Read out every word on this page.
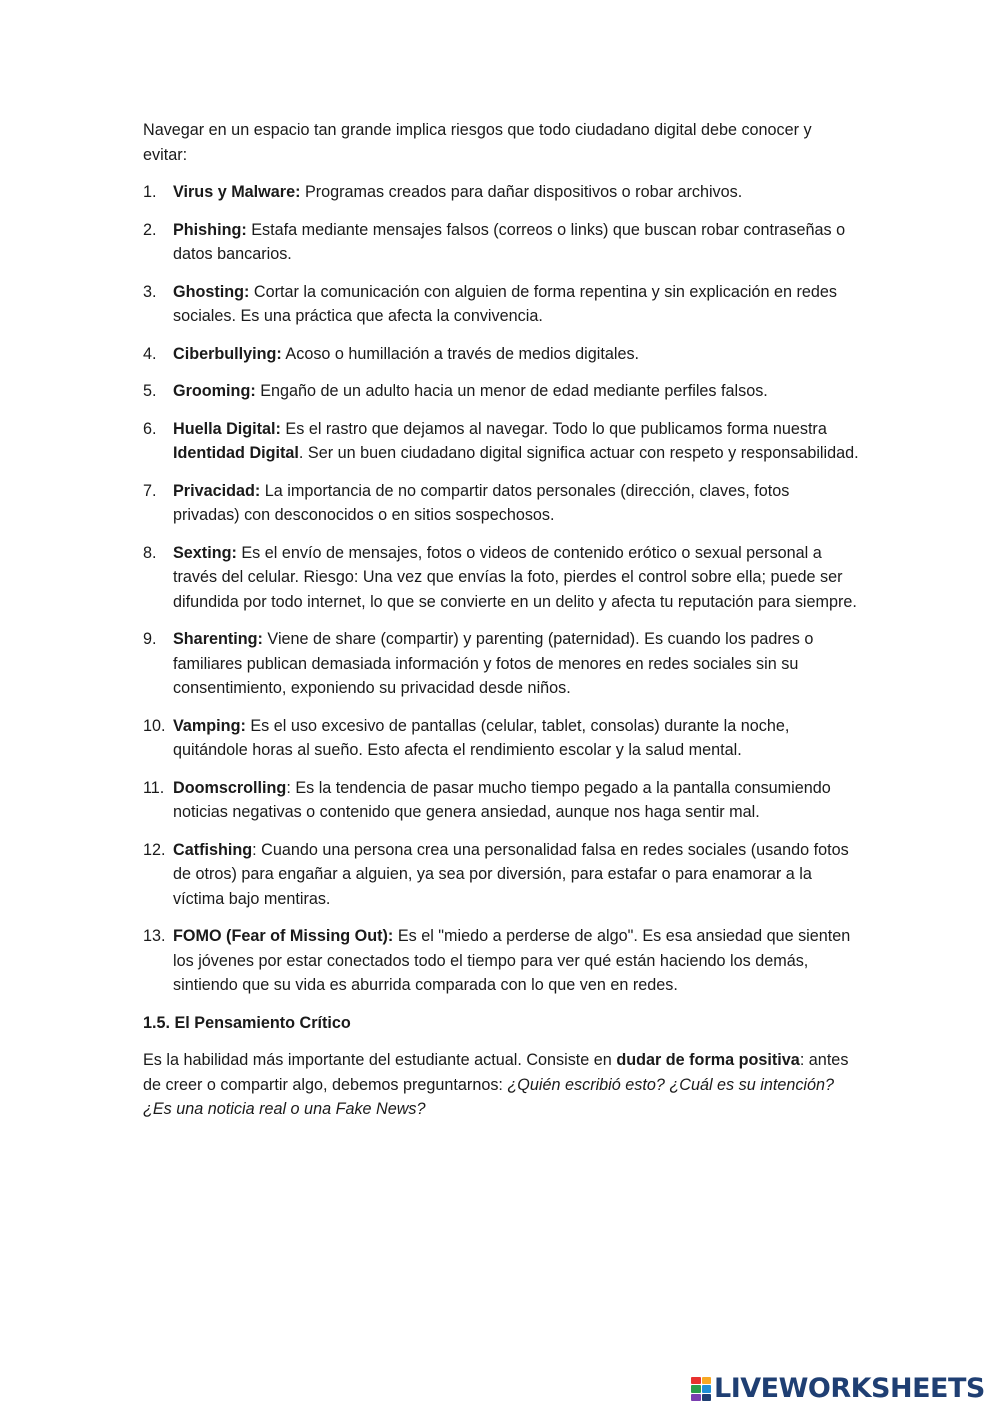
Navegar en un espacio tan grande implica riesgos que todo ciudadano digital debe conocer y evitar:

1. Virus y Malware: Programas creados para dañar dispositivos o robar archivos.
2. Phishing: Estafa mediante mensajes falsos (correos o links) que buscan robar contraseñas o datos bancarios.
3. Ghosting: Cortar la comunicación con alguien de forma repentina y sin explicación en redes sociales. Es una práctica que afecta la convivencia.
4. Ciberbullying: Acoso o humillación a través de medios digitales.
5. Grooming: Engaño de un adulto hacia un menor de edad mediante perfiles falsos.
6. Huella Digital: Es el rastro que dejamos al navegar. Todo lo que publicamos forma nuestra Identidad Digital. Ser un buen ciudadano digital significa actuar con respeto y responsabilidad.
7. Privacidad: La importancia de no compartir datos personales (dirección, claves, fotos privadas) con desconocidos o en sitios sospechosos.
8. Sexting: Es el envío de mensajes, fotos o videos de contenido erótico o sexual personal a través del celular. Riesgo: Una vez que envías la foto, pierdes el control sobre ella; puede ser difundida por todo internet, lo que se convierte en un delito y afecta tu reputación para siempre.
9. Sharenting: Viene de share (compartir) y parenting (paternidad). Es cuando los padres o familiares publican demasiada información y fotos de menores en redes sociales sin su consentimiento, exponiendo su privacidad desde niños.
10. Vamping: Es el uso excesivo de pantallas (celular, tablet, consolas) durante la noche, quitándole horas al sueño. Esto afecta el rendimiento escolar y la salud mental.
11. Doomscrolling: Es la tendencia de pasar mucho tiempo pegado a la pantalla consumiendo noticias negativas o contenido que genera ansiedad, aunque nos haga sentir mal.
12. Catfishing: Cuando una persona crea una personalidad falsa en redes sociales (usando fotos de otros) para engañar a alguien, ya sea por diversión, para estafar o para enamorar a la víctima bajo mentiras.
13. FOMO (Fear of Missing Out): Es el "miedo a perderse de algo". Es esa ansiedad que sienten los jóvenes por estar conectados todo el tiempo para ver qué están haciendo los demás, sintiendo que su vida es aburrida comparada con lo que ven en redes.
1.5. El Pensamiento Crítico

Es la habilidad más importante del estudiante actual. Consiste en dudar de forma positiva: antes de creer o compartir algo, debemos preguntarnos: ¿Quién escribió esto? ¿Cuál es su intención? ¿Es una noticia real o una Fake News?

LIVEWORKSHEETS
